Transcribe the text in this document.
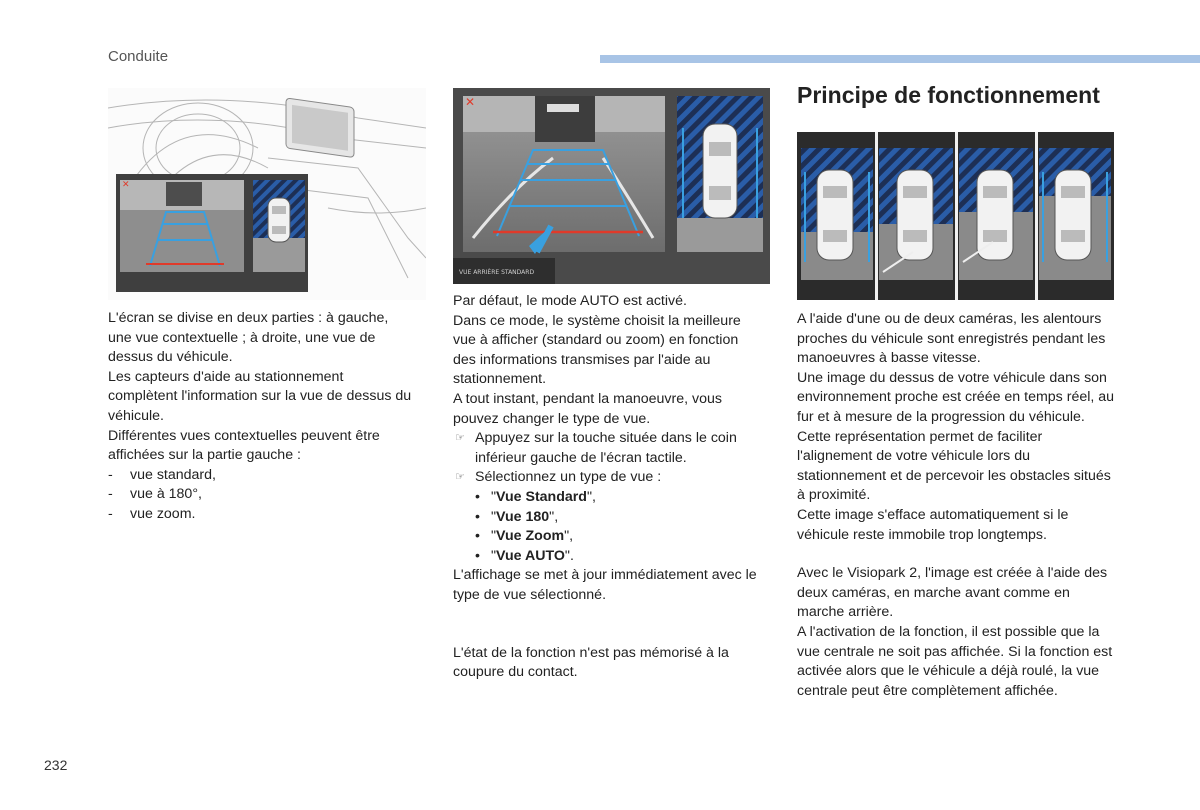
Conduite
✕
✕
VUE ARRIÈRE STANDARD
Principe de fonctionnement

L'écran se divise en deux parties : à gauche, une vue contextuelle ; à droite, une vue de dessus du véhicule.

Les capteurs d'aide au stationnement complètent l'information sur la vue de dessus du véhicule.

Différentes vues contextuelles peuvent être affichées sur la partie gauche :

- vue standard,
- vue à 180°,
- vue zoom.

Par défaut, le mode AUTO est activé.

Dans ce mode, le système choisit la meilleure vue à afficher (standard ou zoom) en fonction des informations transmises par l'aide au stationnement.

A tout instant, pendant la manoeuvre, vous pouvez changer le type de vue.

☞ Appuyez sur la touche située dans le coin inférieur gauche de l'écran tactile.
☞ Sélectionnez un type de vue :
• "Vue Standard",
• "Vue 180",
• "Vue Zoom",
• "Vue AUTO".

L'affichage se met à jour immédiatement avec le type de vue sélectionné.

L'état de la fonction n'est pas mémorisé à la coupure du contact.

A l'aide d'une ou de deux caméras, les alentours proches du véhicule sont enregistrés pendant les manoeuvres à basse vitesse.

Une image du dessus de votre véhicule dans son environnement proche est créée en temps réel, au fur et à mesure de la progression du véhicule.

Cette représentation permet de faciliter l'alignement de votre véhicule lors du stationnement et de percevoir les obstacles situés à proximité.

Cette image s'efface automatiquement si le véhicule reste immobile trop longtemps.

Avec le Visiopark 2, l'image est créée à l'aide des deux caméras, en marche avant comme en marche arrière.

A l'activation de la fonction, il est possible que la vue centrale ne soit pas affichée. Si la fonction est activée alors que le véhicule a déjà roulé, la vue centrale peut être complètement affichée.

232
